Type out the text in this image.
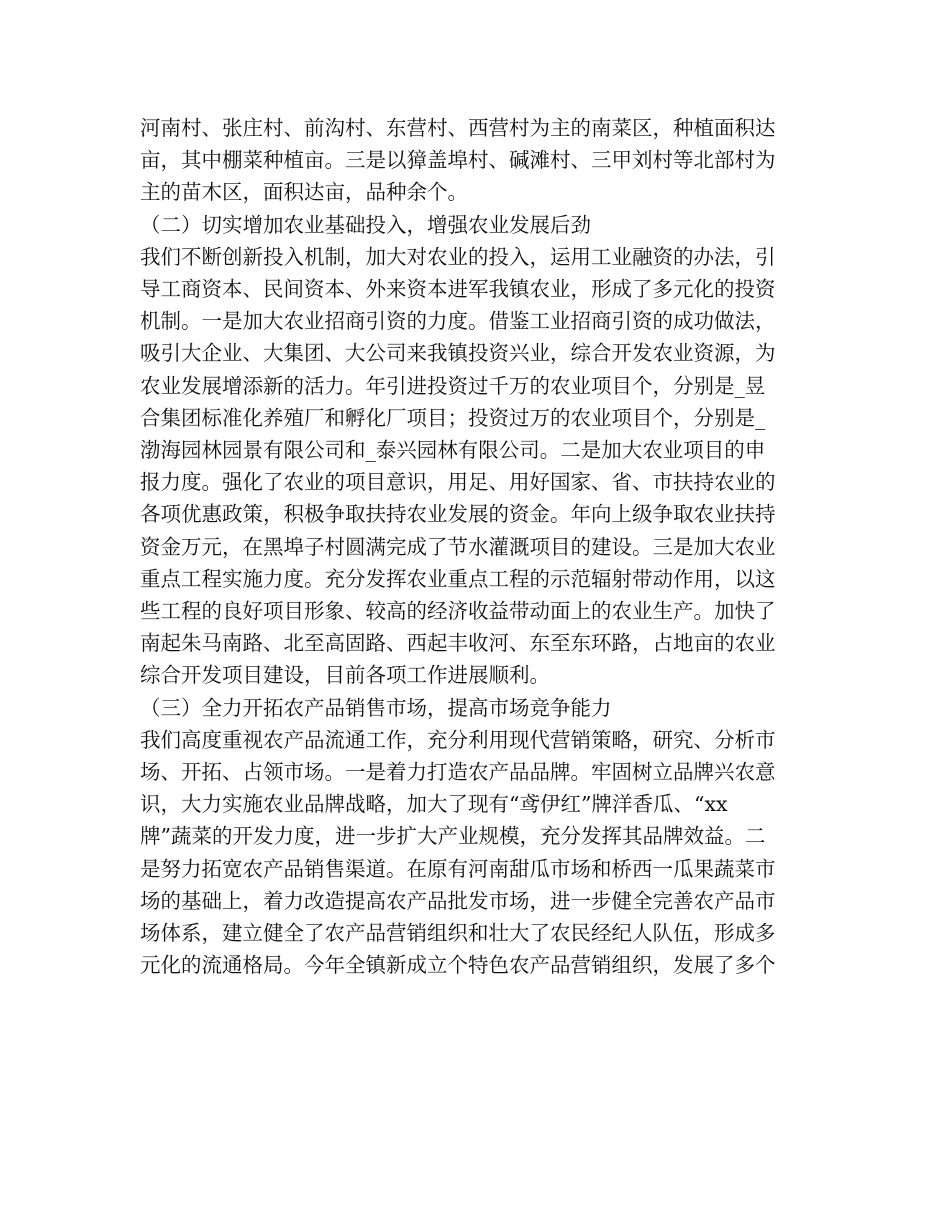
河南村、张庄村、前沟村、东营村、西营村为主的南菜区，种植面积达

亩，其中棚菜种植亩。三是以獐盖埠村、碱滩村、三甲刘村等北部村为

主的苗木区，面积达亩，品种余个。

（二）切实增加农业基础投入，增强农业发展后劲

我们不断创新投入机制，加大对农业的投入，运用工业融资的办法，引

导工商资本、民间资本、外来资本进军我镇农业，形成了多元化的投资

机制。一是加大农业招商引资的力度。借鉴工业招商引资的成功做法，

吸引大企业、大集团、大公司来我镇投资兴业，综合开发农业资源，为

农业发展增添新的活力。年引进投资过千万的农业项目个，分别是_昱

合集团标准化养殖厂和孵化厂项目；投资过万的农业项目个，分别是_

渤海园林园景有限公司和_泰兴园林有限公司。二是加大农业项目的申

报力度。强化了农业的项目意识，用足、用好国家、省、市扶持农业的

各项优惠政策，积极争取扶持农业发展的资金。年向上级争取农业扶持

资金万元，在黑埠子村圆满完成了节水灌溉项目的建设。三是加大农业

重点工程实施力度。充分发挥农业重点工程的示范辐射带动作用，以这

些工程的良好项目形象、较高的经济收益带动面上的农业生产。加快了

南起朱马南路、北至高固路、西起丰收河、东至东环路，占地亩的农业

综合开发项目建设，目前各项工作进展顺利。

（三）全力开拓农产品销售市场，提高市场竞争能力

我们高度重视农产品流通工作，充分利用现代营销策略，研究、分析市

场、开拓、占领市场。一是着力打造农产品品牌。牢固树立品牌兴农意

识，大力实施农业品牌战略，加大了现有“鸢伊红”牌洋香瓜、“xx

牌”蔬菜的开发力度，进一步扩大产业规模，充分发挥其品牌效益。二

是努力拓宽农产品销售渠道。在原有河南甜瓜市场和桥西一瓜果蔬菜市

场的基础上，着力改造提高农产品批发市场，进一步健全完善农产品市

场体系，建立健全了农产品营销组织和壮大了农民经纪人队伍，形成多

元化的流通格局。今年全镇新成立个特色农产品营销组织，发展了多个
